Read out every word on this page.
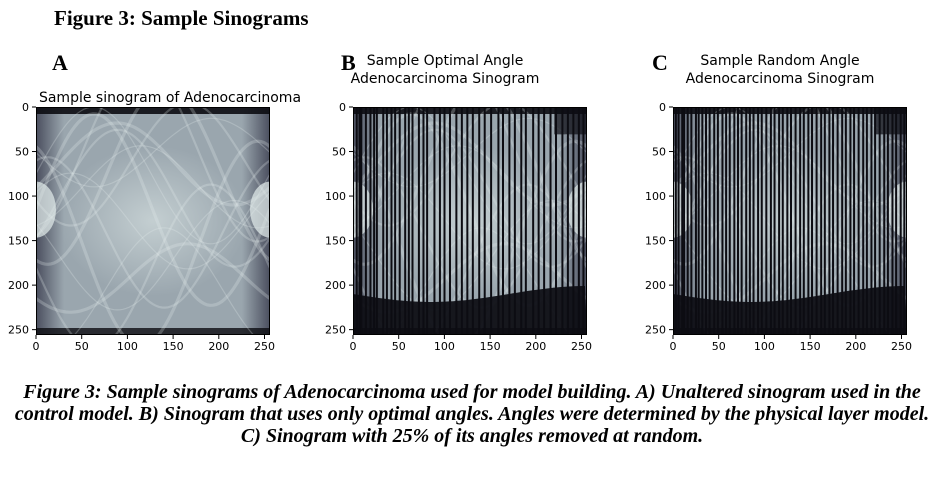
Figure 3: Sample Sinograms
A
Sample sinogram of Adenocarcinoma
0
50
100
150
200
250
0	50	100 150 200 250
B Sample Optimal Angle
Adenocarcinoma Sinogram
0
50
100
150
200
250
0	50	100 150 200 250
C	Sample Random Angle
Adenocarcinoma Sinogram
0
50
100
150
200
250
0	50	100 150 200 250
Figure 3: Sample sinograms of Adenocarcinoma used for model building. A) Unaltered sinogram used in the control model. B) Sinogram that uses only optimal angles. Angles were determined by the physical layer model. C) Sinogram with 25% of its angles removed at random.
